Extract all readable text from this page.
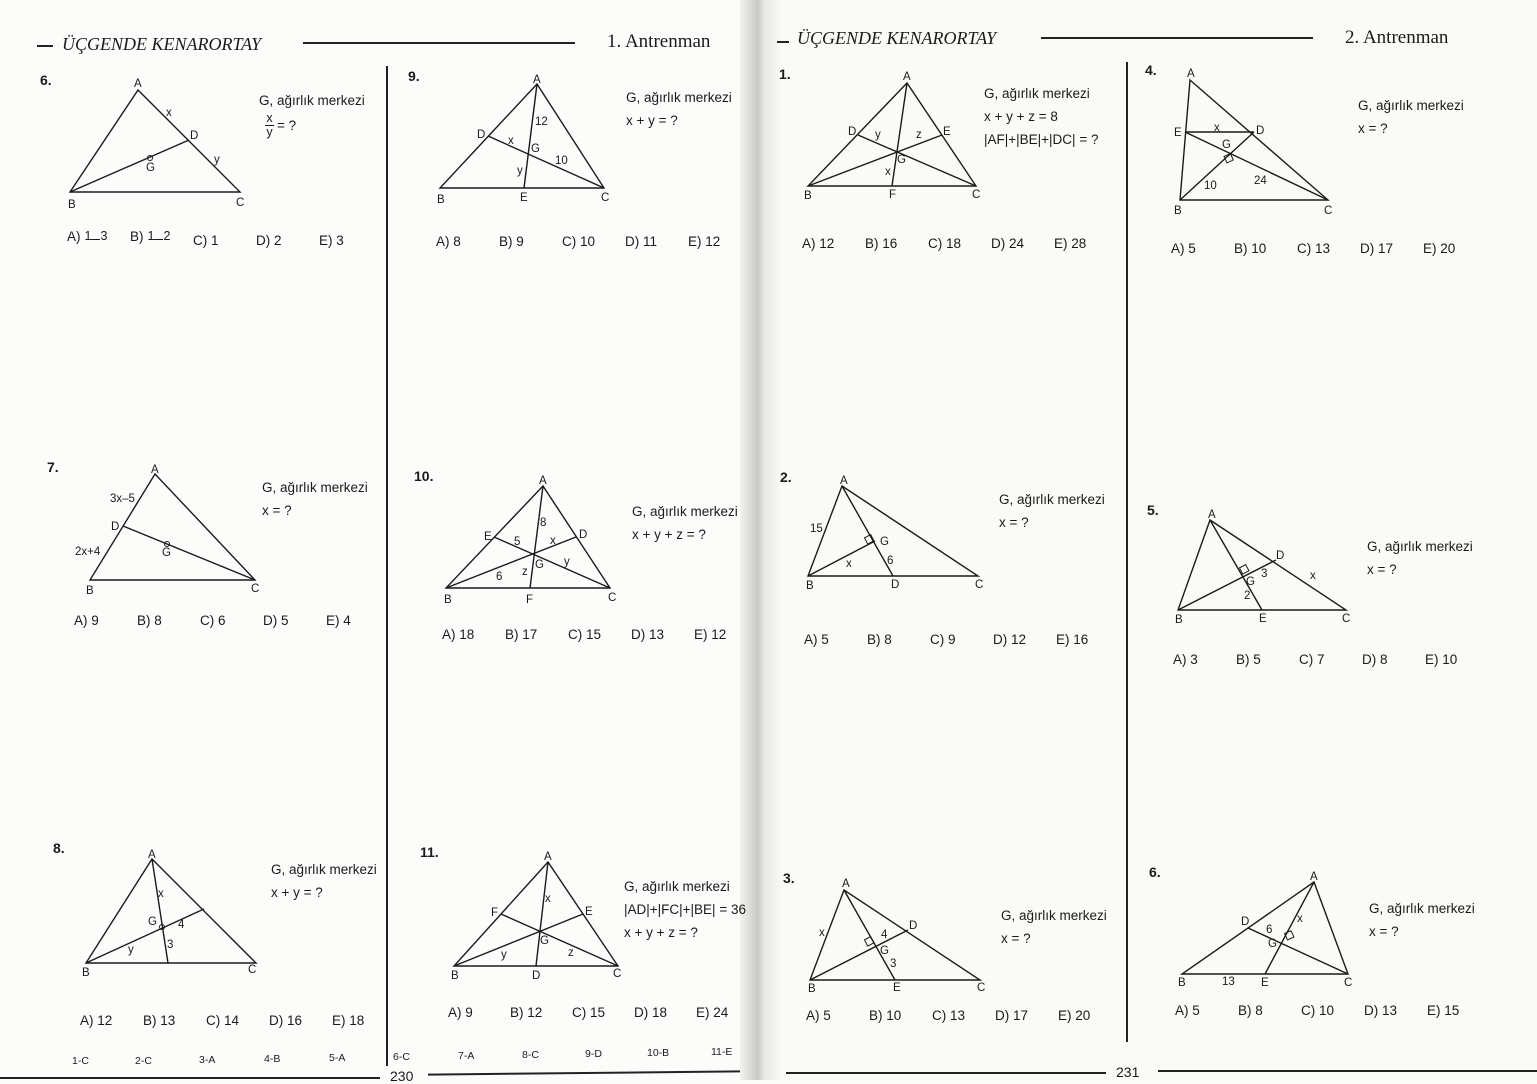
ÜÇGENDE KENARORTAY	1. Antrenman
6.	A
B	C
D
G
x
y
G, ağırlık merkezi
$\frac{x}{y}$ = ?
A) 1 3 B) 1 2 C) 1	D) 2	E) 3
7.	A
B	C
D
G
3x–5
2x+4
G, ağırlık merkezi
x = ?
A) 9	B) 8	C) 6	D) 5	E) 4
8.	A
B	C
G
x
y
4
3
G, ağırlık merkezi
x + y = ?
A) 12	B) 13	C) 14	D) 16	E) 18
9.	A
B	C
D
E
G
x
y
12
10
G, ağırlık merkezi
x + y = ?
A) 8	B) 9	C) 10	D) 11	E) 12
10.	A
B	C
D
E
F
G
x
y
z
8
5
6
G, ağırlık merkezi
x + y + z = ?
A) 18	B) 17	C) 15	D) 13	E) 12
11.	A
B	C
D
E
F
G
x
y	z
G, ağırlık merkezi
|AD|+|FC|+|BE| = 36
x + y + z = ?
A) 9	B) 12	C) 15	D) 18	E) 24
1-C	2-C	3-A	4-B	5-A	6-C	7-A	8-C	9-D	10-B	11-E
230
ÜÇGENDE KENARORTAY	2. Antrenman
1.	A
B	C
D	E
F
G
x
y	z
G, ağırlık merkezi
x + y + z = 8
|AF|+|BE|+|DC| = ?
A) 12	B) 16	C) 18	D) 24	E) 28
2.	A
B	C
D
G
x
15
6
G, ağırlık merkezi
x = ?
A) 5	B) 8	C) 9	D) 12	E) 16
3.	A
B	C
D
E
G
x	4
3
G, ağırlık merkezi
x = ?
A) 5	B) 10	C) 13	D) 17	E) 20
4.	A
B	C
D
E
G
x
10	24
G, ağırlık merkezi
x = ?
A) 5	B) 10	C) 13	D) 17	E) 20
5.	A
B	C
D
E
G	x
3
2
G, ağırlık merkezi
x = ?
A) 3	B) 5	C) 7	D) 8	E) 10
6.	A
B	C
D
E
G
x
6
13
G, ağırlık merkezi
x = ?
A) 5	B) 8	C) 10	D) 13	E) 15
231
